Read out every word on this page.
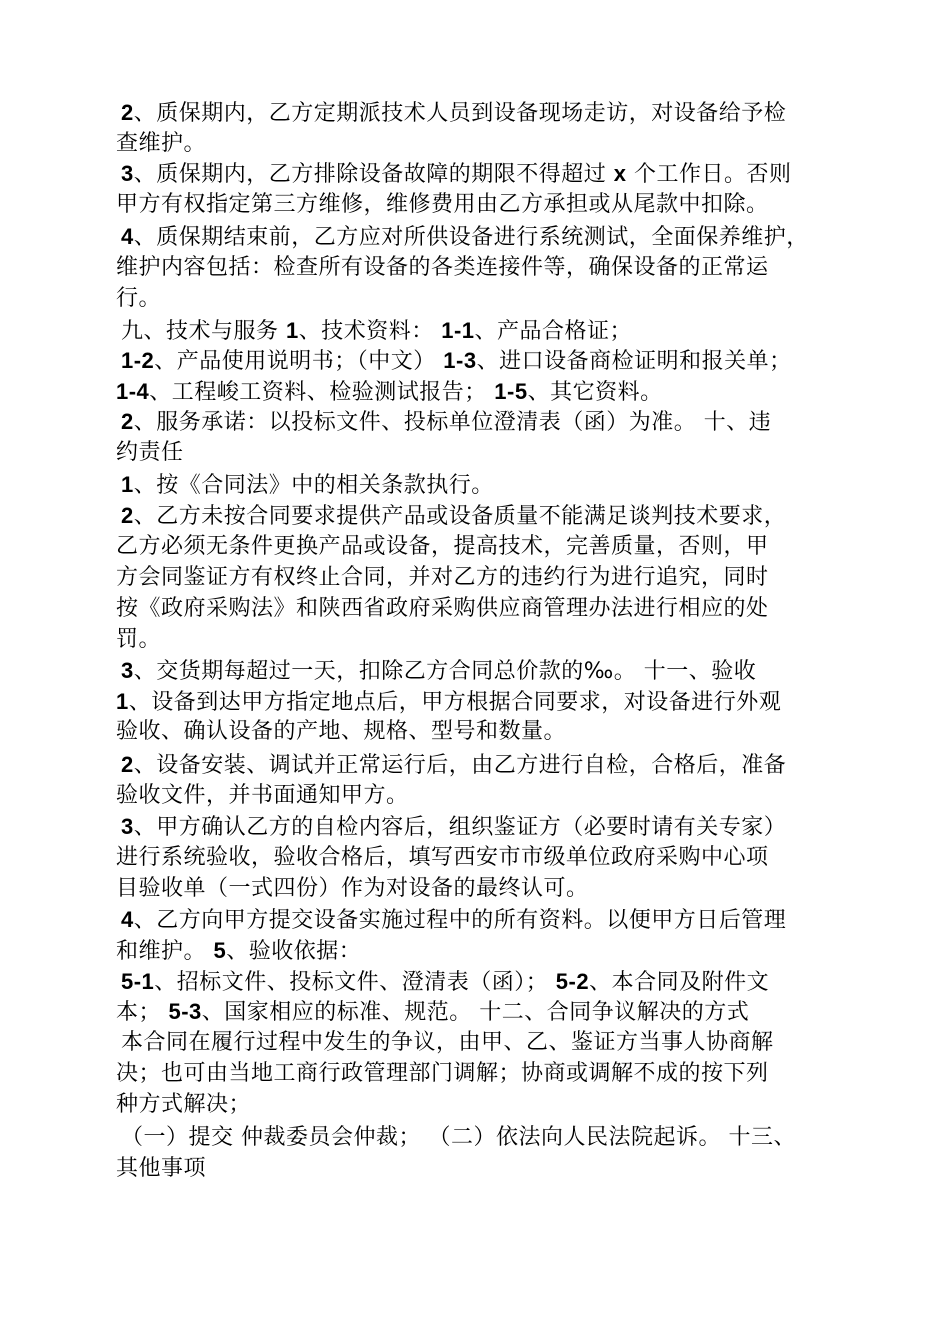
2、质保期内，乙方定期派技术人员到设备现场走访，对设备给予检
查维护。
3、质保期内，乙方排除设备故障的期限不得超过 x 个工作日。否则
甲方有权指定第三方维修，维修费用由乙方承担或从尾款中扣除。
4、质保期结束前，乙方应对所供设备进行系统测试，全面保养维护，
维护内容包括：检查所有设备的各类连接件等，确保设备的正常运
行。
九、技术与服务 1、技术资料： 1-1、产品合格证；
1-2、产品使用说明书；（中文） 1-3、进口设备商检证明和报关单；
1-4、工程峻工资料、检验测试报告； 1-5、其它资料。
2、服务承诺：以投标文件、投标单位澄清表（函）为准。 十、违
约责任
1、按《合同法》中的相关条款执行。
2、乙方未按合同要求提供产品或设备质量不能满足谈判技术要求，
乙方必须无条件更换产品或设备，提高技术，完善质量，否则，甲
方会同鉴证方有权终止合同，并对乙方的违约行为进行追究，同时
按《政府采购法》和陕西省政府采购供应商管理办法进行相应的处
罚。
3、交货期每超过一天，扣除乙方合同总价款的‰。 十一、验收
1、设备到达甲方指定地点后，甲方根据合同要求，对设备进行外观
验收、确认设备的产地、规格、型号和数量。
2、设备安装、调试并正常运行后，由乙方进行自检，合格后，准备
验收文件，并书面通知甲方。
3、甲方确认乙方的自检内容后，组织鉴证方（必要时请有关专家）
进行系统验收，验收合格后，填写西安市市级单位政府采购中心项
目验收单（一式四份）作为对设备的最终认可。
4、乙方向甲方提交设备实施过程中的所有资料。以便甲方日后管理
和维护。 5、验收依据：
5-1、招标文件、投标文件、澄清表（函）； 5-2、本合同及附件文
本； 5-3、国家相应的标准、规范。 十二、合同争议解决的方式
本合同在履行过程中发生的争议，由甲、乙、鉴证方当事人协商解
决；也可由当地工商行政管理部门调解；协商或调解不成的按下列
种方式解决；
（一）提交 仲裁委员会仲裁； （二）依法向人民法院起诉。 十三、
其他事项
